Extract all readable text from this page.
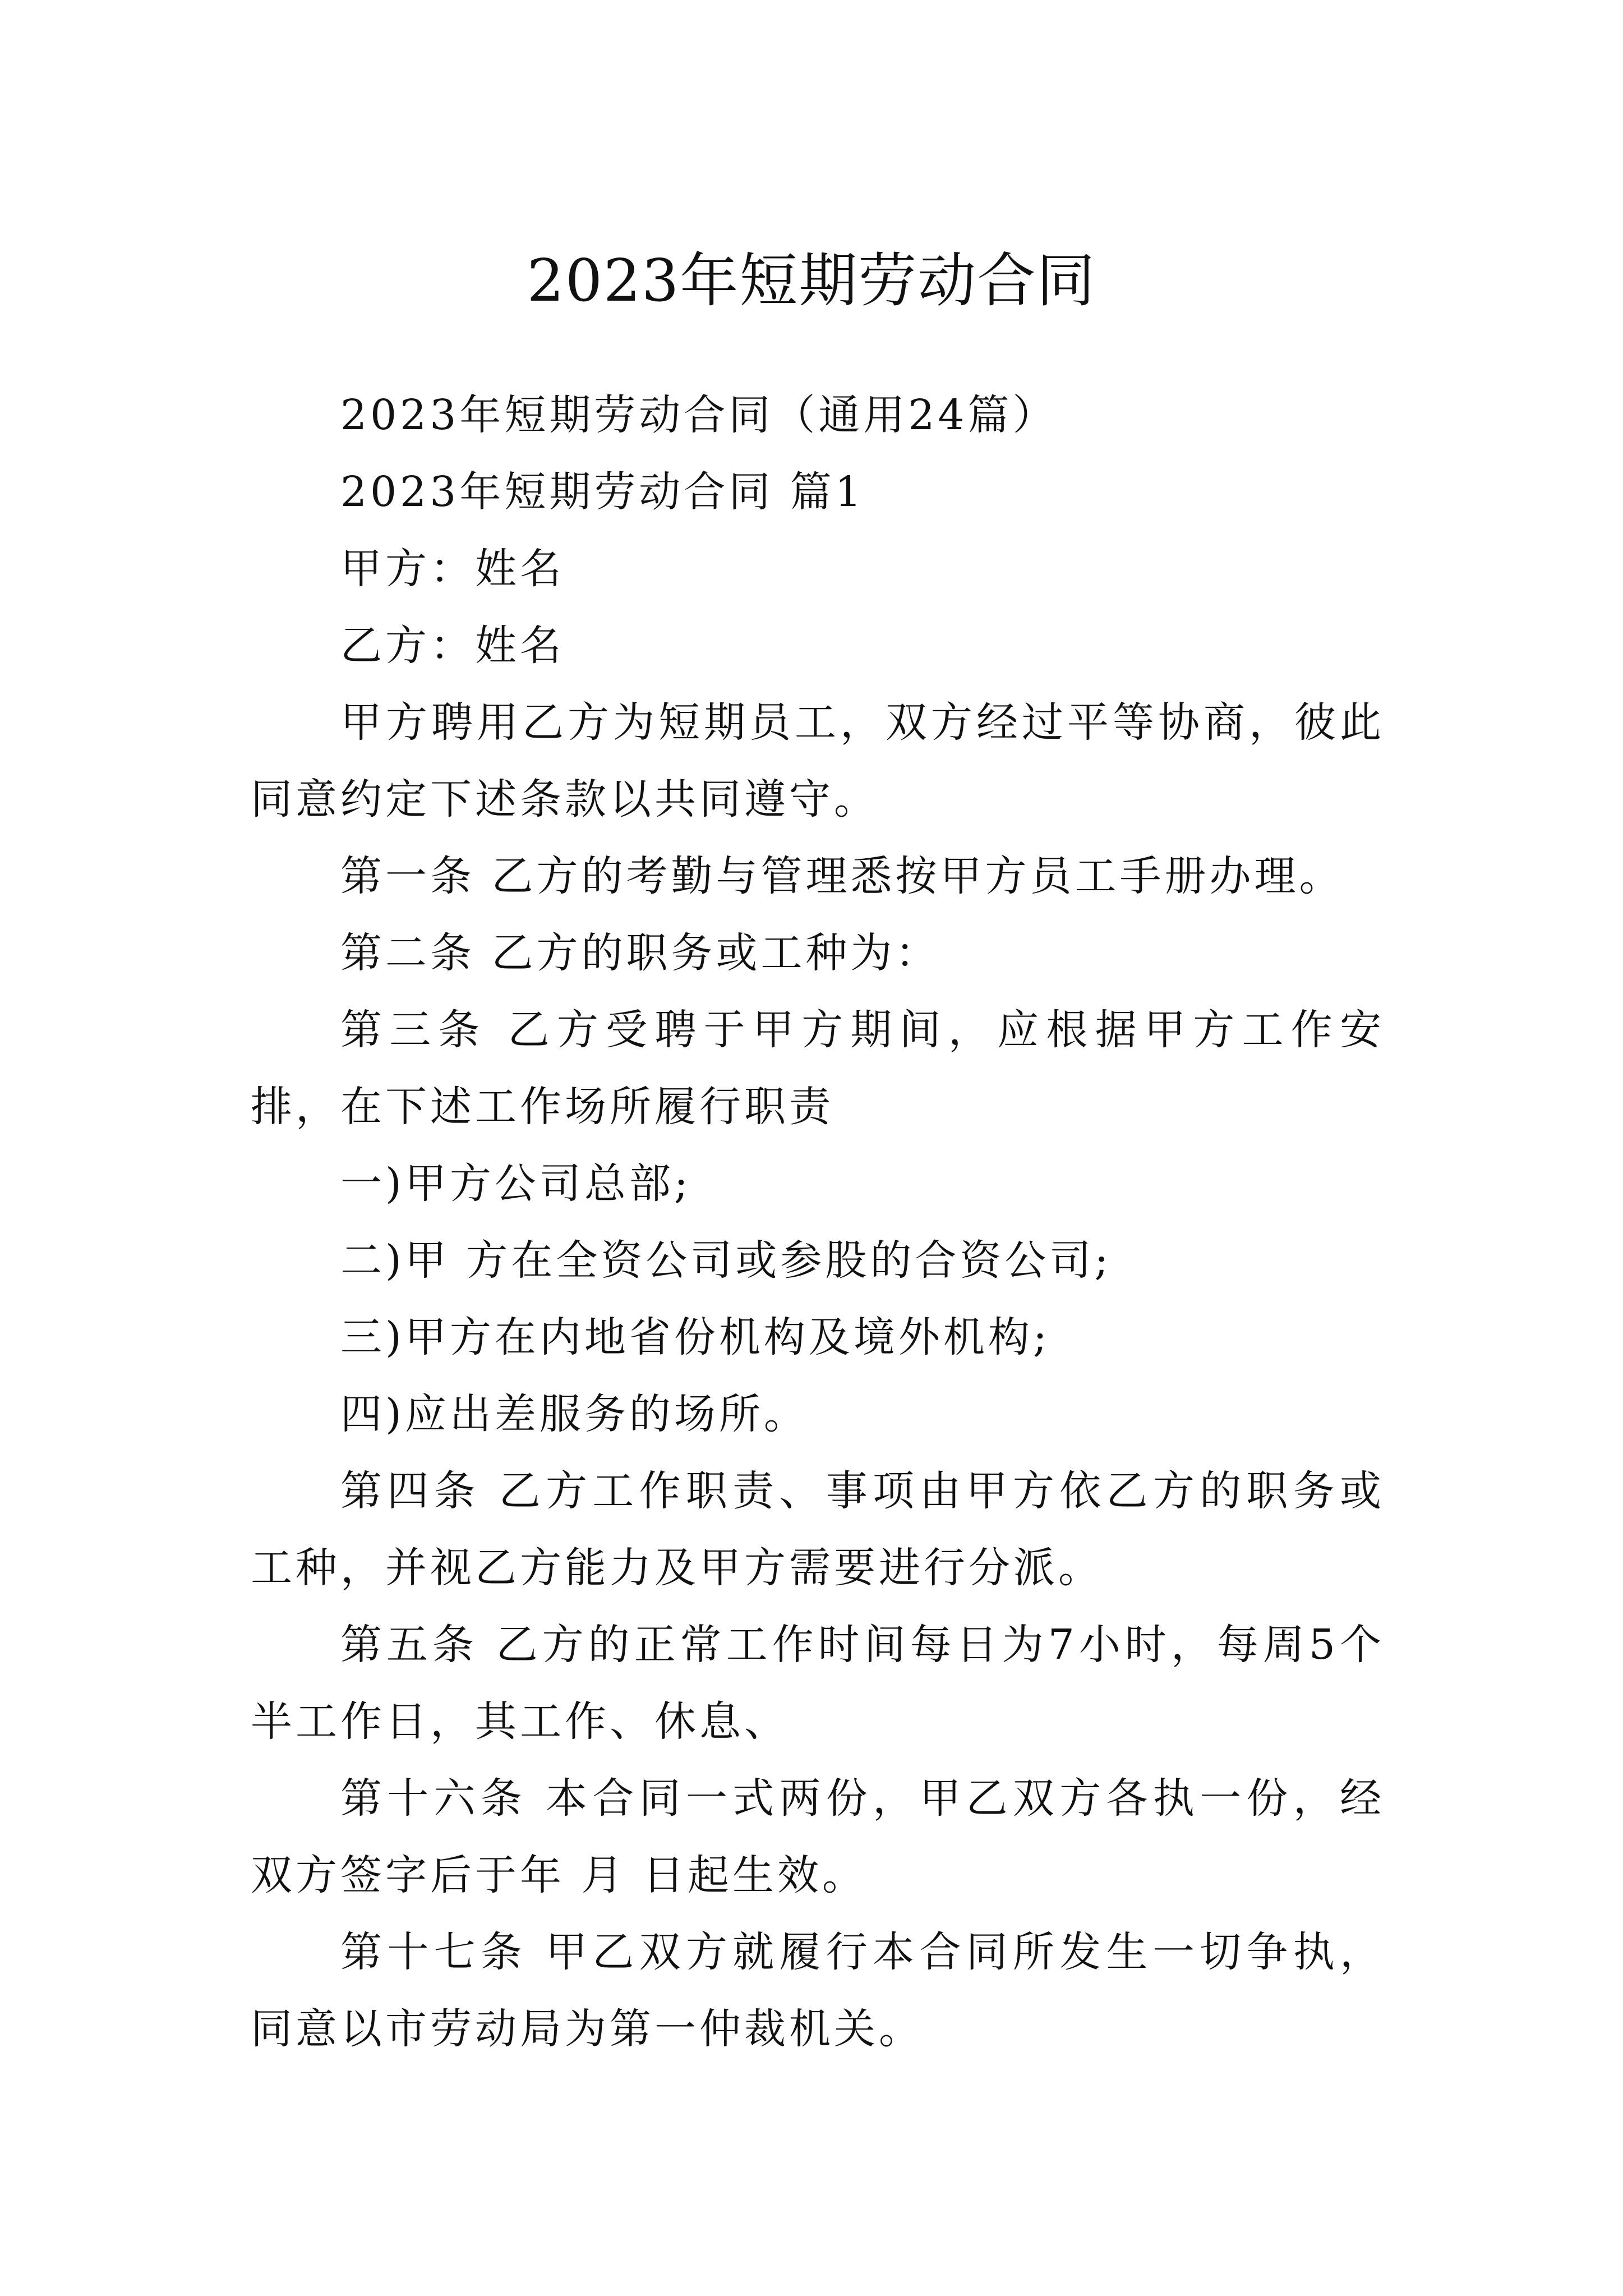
2023年短期劳动合同

2023年短期劳动合同（通用24篇）

2023年短期劳动合同 篇1

甲方：姓名

乙方：姓名

甲方聘用乙方为短期员工，双方经过平等协商，彼此同意约定下述条款以共同遵守。

第一条 乙方的考勤与管理悉按甲方员工手册办理。

第二条 乙方的职务或工种为：

第三条 乙方受聘于甲方期间，应根据甲方工作安排，在下述工作场所履行职责

一)甲方公司总部;

二)甲 方在全资公司或参股的合资公司;

三)甲方在内地省份机构及境外机构;

四)应出差服务的场所。

第四条 乙方工作职责、事项由甲方依乙方的职务或工种，并视乙方能力及甲方需要进行分派。

第五条 乙方的正常工作时间每日为7小时，每周5个半工作日，其工作、休息、

第十六条 本合同一式两份，甲乙双方各执一份，经双方签字后于年 月 日起生效。

第十七条 甲乙双方就履行本合同所发生一切争执，同意以市劳动局为第一仲裁机关。
